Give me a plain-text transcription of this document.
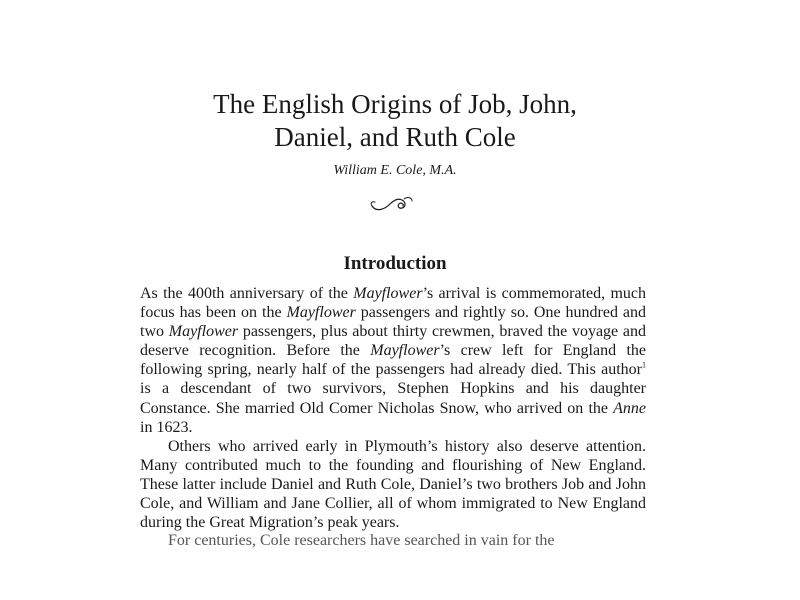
The English Origins of Job, John,
Daniel, and Ruth Cole
William E. Cole, M.A.
Introduction

As the 400th anniversary of the Mayflower’s arrival is commemorated, much focus has been on the Mayflower passengers and rightly so. One hundred and two Mayflower passengers, plus about thirty crewmen, braved the voyage and deserve recognition. Before the Mayflower’s crew left for England the following spring, nearly half of the passengers had already died. This author$^1$ is a descendant of two survivors, Stephen Hopkins and his daughter Constance. She married Old Comer Nicholas Snow, who arrived on the Anne in 1623.

Others who arrived early in Plymouth’s history also deserve attention. Many contributed much to the founding and flourishing of New England. These latter include Daniel and Ruth Cole, Daniel’s two brothers Job and John Cole, and William and Jane Collier, all of whom immigrated to New England during the Great Migration’s peak years.

For centuries, Cole researchers have searched in vain for the
